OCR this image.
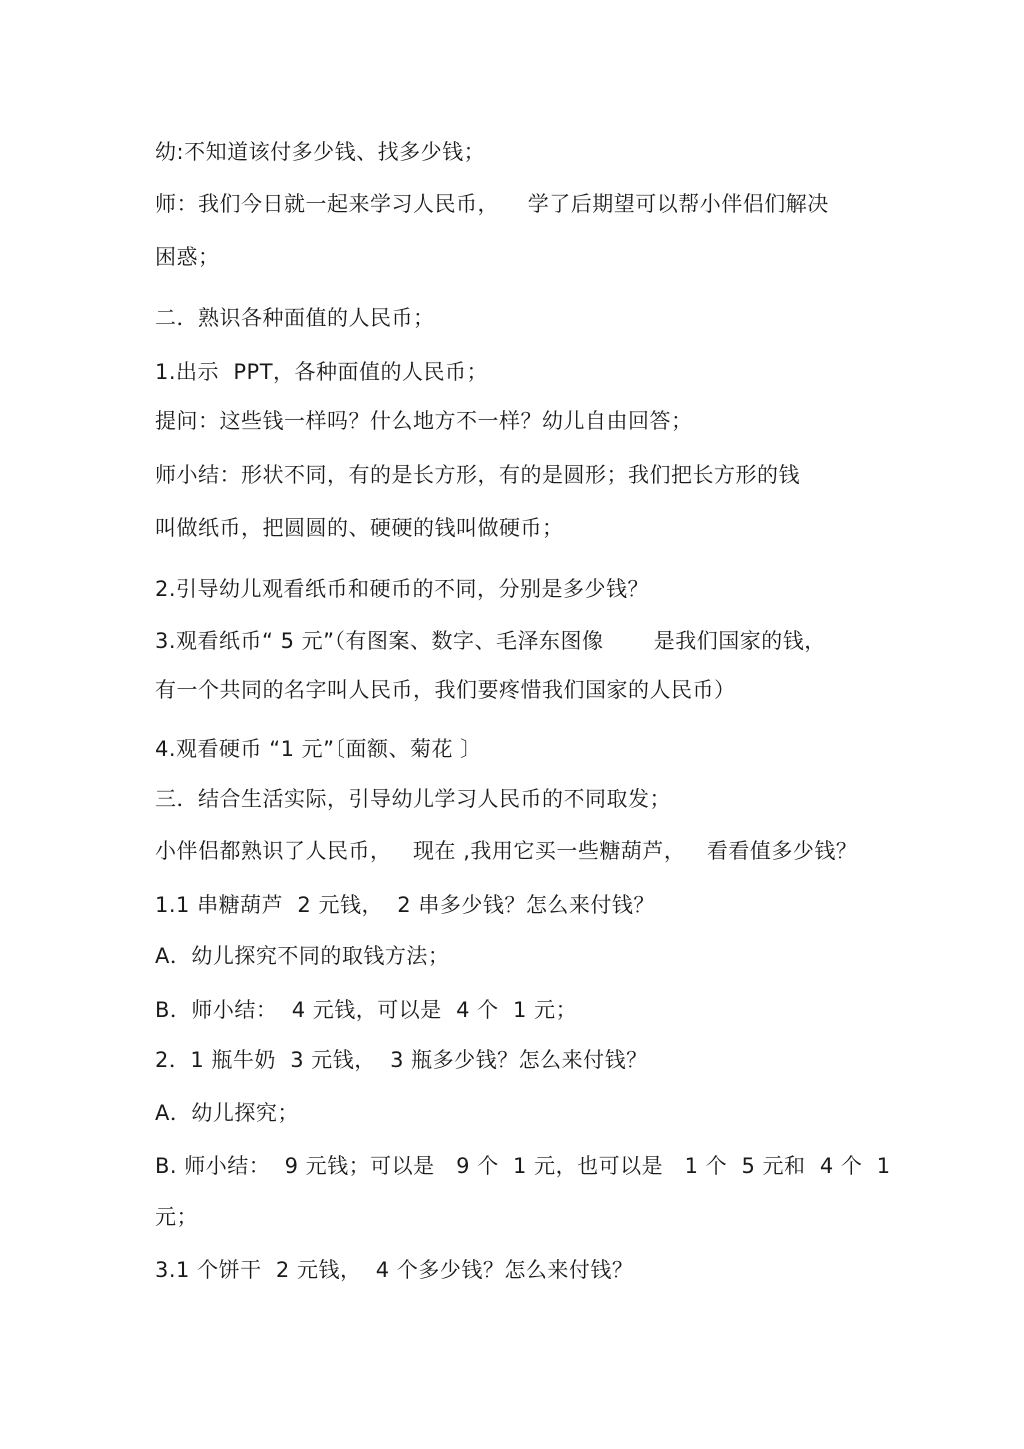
幼:不知道该付多少钱、找多少钱；
师：我们今日就一起来学习人民币，    学了后期望可以帮小伴侣们解决
困惑；
二．熟识各种面值的人民币；
1.出示  PPT，各种面值的人民币；
提问：这些钱一样吗？什么地方不一样？幼儿自由回答；
师小结：形状不同，有的是长方形，有的是圆形；我们把长方形的钱
叫做纸币，把圆圆的、硬硬的钱叫做硬币；
2.引导幼儿观看纸币和硬币的不同，分别是多少钱？
3.观看纸币“ 5 元”（有图案、数字、毛泽东图像       是我们国家的钱，
有一个共同的名字叫人民币，我们要疼惜我们国家的人民币）
4.观看硬币 “1 元”〔面额、菊花 〕
三．结合生活实际，引导幼儿学习人民币的不同取发；
小伴侣都熟识了人民币，   现在 ,我用它买一些糖葫芦，   看看值多少钱？
1.1 串糖葫芦  2 元钱，  2 串多少钱？怎么来付钱？
A．幼儿探究不同的取钱方法；
B．师小结：  4 元钱，可以是  4 个  1 元；
2．1 瓶牛奶  3 元钱，  3 瓶多少钱？怎么来付钱？
A．幼儿探究；
B. 师小结：  9 元钱；可以是   9 个  1 元，也可以是   1 个  5 元和  4 个  1
元；
3.1 个饼干  2 元钱，  4 个多少钱？怎么来付钱？
